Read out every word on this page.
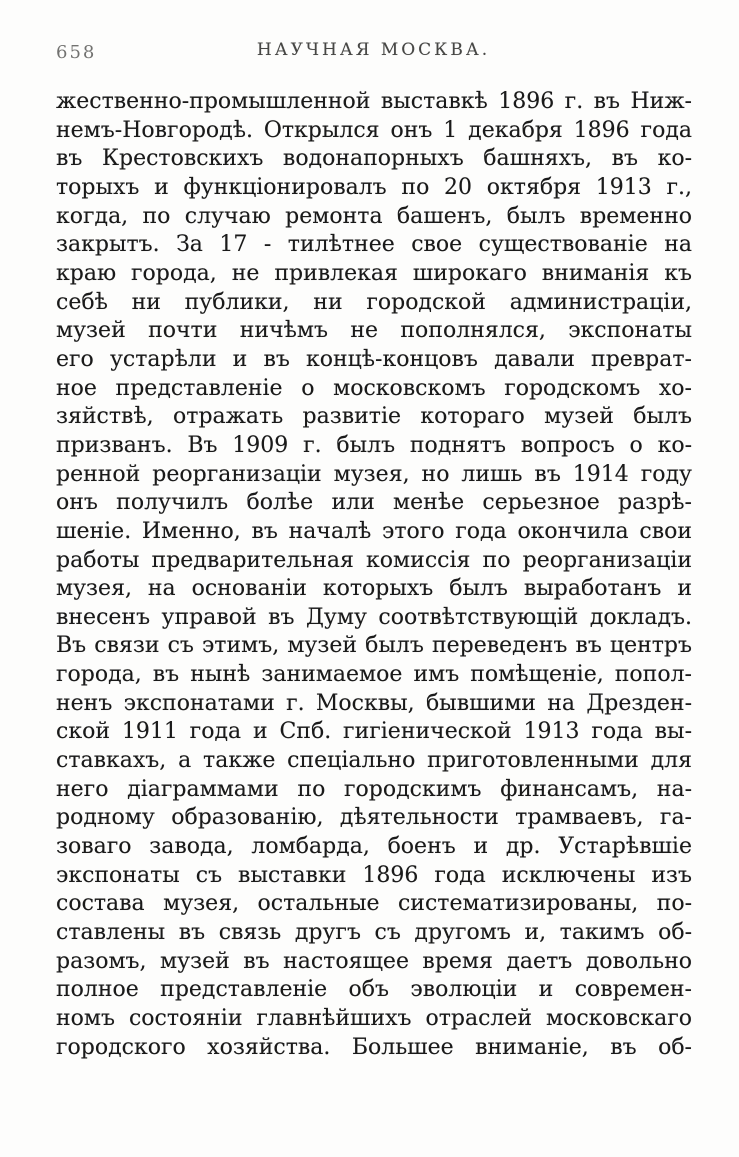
658	НАУЧНАЯ МОСКВА.
жественно-промышленной выставкѣ 1896 г. въ Ниж-
немъ-Новгородѣ. Открылся онъ 1 декабря 1896 года
въ Крестовскихъ водонапорныхъ башняхъ, въ ко-
торыхъ и функціонировалъ по 20 октября 1913 г.,
когда, по случаю ремонта башенъ, былъ временно
закрытъ. За 17 - тилѣтнее свое существованіе на
краю города, не привлекая широкаго вниманія къ
себѣ ни публики, ни городской администраціи,
музей почти ничѣмъ не пополнялся, экспонаты
его устарѣли и въ концѣ-концовъ давали преврат-
ное представленіе о московскомъ городскомъ хо-
зяйствѣ, отражать развитіе котораго музей былъ
призванъ. Въ 1909 г. былъ поднятъ вопросъ о ко-
ренной реорганизаціи музея, но лишь въ 1914 году
онъ получилъ болѣе или менѣе серьезное разрѣ-
шеніе. Именно, въ началѣ этого года окончила свои
работы предварительная комиссія по реорганизаціи
музея, на основаніи которыхъ былъ выработанъ и
внесенъ управой въ Думу соотвѣтствующій докладъ.
Въ связи съ этимъ, музей былъ переведенъ въ центръ
города, въ нынѣ занимаемое имъ помѣщеніе, попол-
ненъ экспонатами г. Москвы, бывшими на Дрезден-
ской 1911 года и Спб. гигіенической 1913 года вы-
ставкахъ, а также спеціально приготовленными для
него діаграммами по городскимъ финансамъ, на-
родному образованію, дѣятельности трамваевъ, га-
зоваго завода, ломбарда, боенъ и др. Устарѣвшіе
экспонаты съ выставки 1896 года исключены изъ
состава музея, остальные систематизированы, по-
ставлены въ связь другъ съ другомъ и, такимъ об-
разомъ, музей въ настоящее время даетъ довольно
полное представленіе объ эволюціи и современ-
номъ состояніи главнѣйшихъ отраслей московскаго
городского хозяйства. Большее вниманіе, въ об-
